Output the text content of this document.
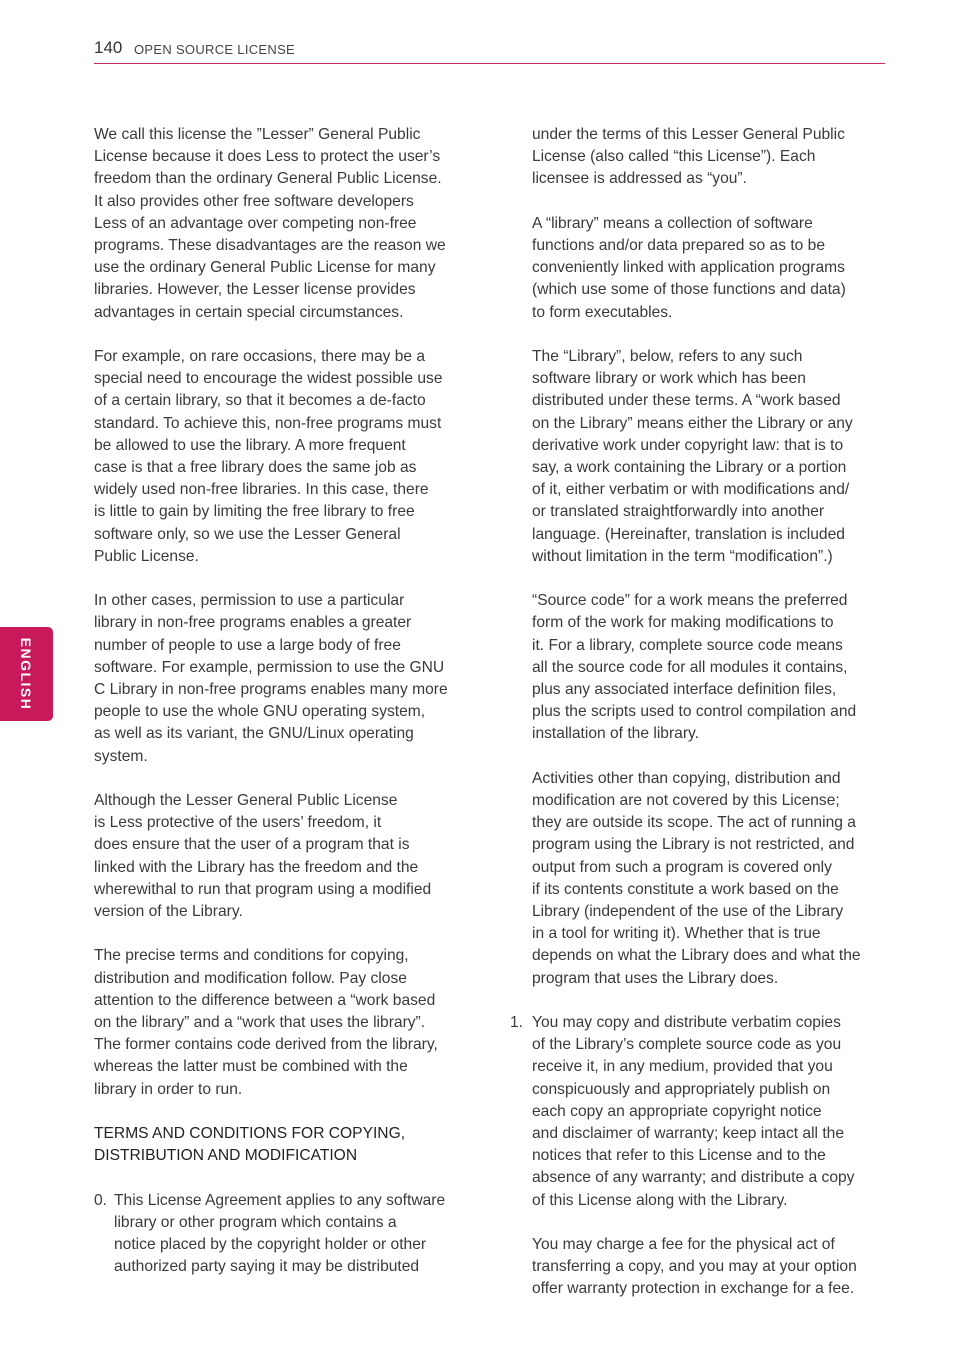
140 OPEN SOURCE LICENSE
ENGLISH

We call this license the ”Lesser” General Public
License because it does Less to protect the user’s
freedom than the ordinary General Public License.
It also provides other free software developers
Less of an advantage over competing non-free
programs. These disadvantages are the reason we
use the ordinary General Public License for many
libraries. However, the Lesser license provides
advantages in certain special circumstances.

For example, on rare occasions, there may be a
special need to encourage the widest possible use
of a certain library, so that it becomes a de-facto
standard. To achieve this, non-free programs must
be allowed to use the library. A more frequent
case is that a free library does the same job as
widely used non-free libraries. In this case, there
is little to gain by limiting the free library to free
software only, so we use the Lesser General
Public License.

In other cases, permission to use a particular
library in non-free programs enables a greater
number of people to use a large body of free
software. For example, permission to use the GNU
C Library in non-free programs enables many more
people to use the whole GNU operating system,
as well as its variant, the GNU/Linux operating
system.

Although the Lesser General Public License
is Less protective of the users’ freedom, it
does ensure that the user of a program that is
linked with the Library has the freedom and the
wherewithal to run that program using a modified
version of the Library.

The precise terms and conditions for copying,
distribution and modification follow. Pay close
attention to the difference between a “work based
on the library” and a “work that uses the library”.
The former contains code derived from the library,
whereas the latter must be combined with the
library in order to run.

TERMS AND CONDITIONS FOR COPYING,
DISTRIBUTION AND MODIFICATION
0. This License Agreement applies to any software
library or other program which contains a
notice placed by the copyright holder or other
authorized party saying it may be distributed

under the terms of this Lesser General Public
License (also called “this License”). Each
licensee is addressed as “you”.

A “library” means a collection of software
functions and/or data prepared so as to be
conveniently linked with application programs
(which use some of those functions and data)
to form executables.

The “Library”, below, refers to any such
software library or work which has been
distributed under these terms. A “work based
on the Library” means either the Library or any
derivative work under copyright law: that is to
say, a work containing the Library or a portion
of it, either verbatim or with modifications and/
or translated straightforwardly into another
language. (Hereinafter, translation is included
without limitation in the term “modification”.)

“Source code” for a work means the preferred
form of the work for making modifications to
it. For a library, complete source code means
all the source code for all modules it contains,
plus any associated interface definition files,
plus the scripts used to control compilation and
installation of the library.

Activities other than copying, distribution and
modification are not covered by this License;
they are outside its scope. The act of running a
program using the Library is not restricted, and
output from such a program is covered only
if its contents constitute a work based on the
Library (independent of the use of the Library
in a tool for writing it). Whether that is true
depends on what the Library does and what the
program that uses the Library does.

1. You may copy and distribute verbatim copies
of the Library’s complete source code as you
receive it, in any medium, provided that you
conspicuously and appropriately publish on
each copy an appropriate copyright notice
and disclaimer of warranty; keep intact all the
notices that refer to this License and to the
absence of any warranty; and distribute a copy
of this License along with the Library.

You may charge a fee for the physical act of
transferring a copy, and you may at your option
offer warranty protection in exchange for a fee.
